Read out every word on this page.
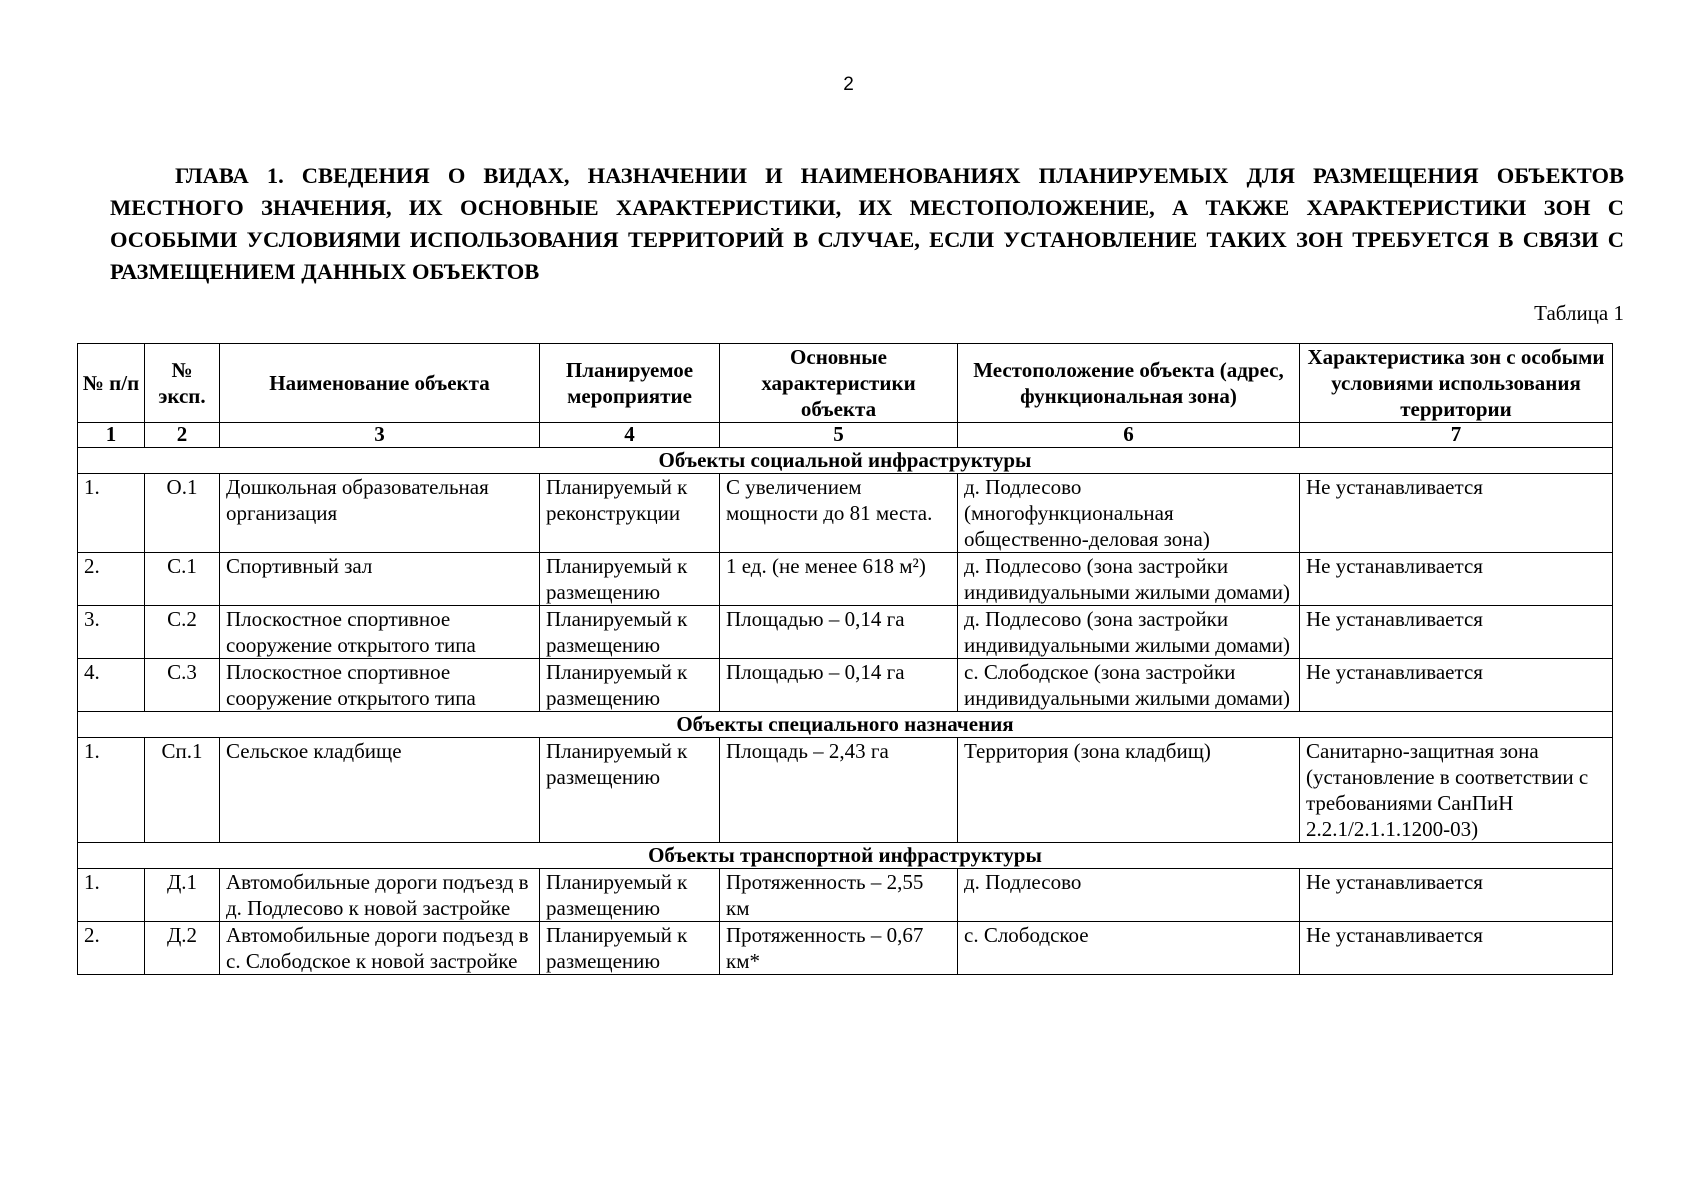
2

ГЛАВА 1. СВЕДЕНИЯ О ВИДАХ, НАЗНАЧЕНИИ И НАИМЕНОВАНИЯХ ПЛАНИРУЕМЫХ ДЛЯ РАЗМЕЩЕНИЯ ОБЪЕКТОВ МЕСТНОГО ЗНАЧЕНИЯ, ИХ ОСНОВНЫЕ ХАРАКТЕРИСТИКИ, ИХ МЕСТОПОЛОЖЕНИЕ, А ТАКЖЕ ХАРАКТЕРИСТИКИ ЗОН С ОСОБЫМИ УСЛОВИЯМИ ИСПОЛЬЗОВАНИЯ ТЕРРИТОРИЙ В СЛУЧАЕ, ЕСЛИ УСТАНОВЛЕНИЕ ТАКИХ ЗОН ТРЕБУЕТСЯ В СВЯЗИ С РАЗМЕЩЕНИЕМ ДАННЫХ ОБЪЕКТОВ

Таблица 1
№ п/п	№ эксп.	Наименование объекта	Планируемое мероприятие	Основные характеристики объекта	Местоположение объекта (адрес, функциональная зона)	Характеристика зон с особыми условиями использования территории
1	2	3	4	5	6	7
Объекты социальной инфраструктуры						
1.	О.1	Дошкольная образовательная организация	Планируемый к реконструкции	С увеличением мощности до 81 места.	д. Подлесово (многофункциональная общественно-деловая зона)	Не устанавливается
2.	С.1	Спортивный зал	Планируемый к размещению	1 ед. (не менее 618 м²)	д. Подлесово (зона застройки индивидуальными жилыми домами)	Не устанавливается
3.	С.2	Плоскостное спортивное сооружение открытого типа	Планируемый к размещению	Площадью – 0,14 га	д. Подлесово (зона застройки индивидуальными жилыми домами)	Не устанавливается
4.	С.3	Плоскостное спортивное сооружение открытого типа	Планируемый к размещению	Площадью – 0,14 га	с. Слободское (зона застройки индивидуальными жилыми домами)	Не устанавливается
Объекты специального назначения						
1.	Сп.1	Сельское кладбище	Планируемый к размещению	Площадь – 2,43 га	Территория (зона кладбищ)	Санитарно-защитная зона (установление в соответствии с требованиями СанПиН 2.2.1/2.1.1.1200-03)
Объекты транспортной инфраструктуры						
1.	Д.1	Автомобильные дороги подъезд в д. Подлесово к новой застройке	Планируемый к размещению	Протяженность – 2,55 км	д. Подлесово	Не устанавливается
2.	Д.2	Автомобильные дороги подъезд в с. Слободское к новой застройке	Планируемый к размещению	Протяженность – 0,67 км*	с. Слободское	Не устанавливается
